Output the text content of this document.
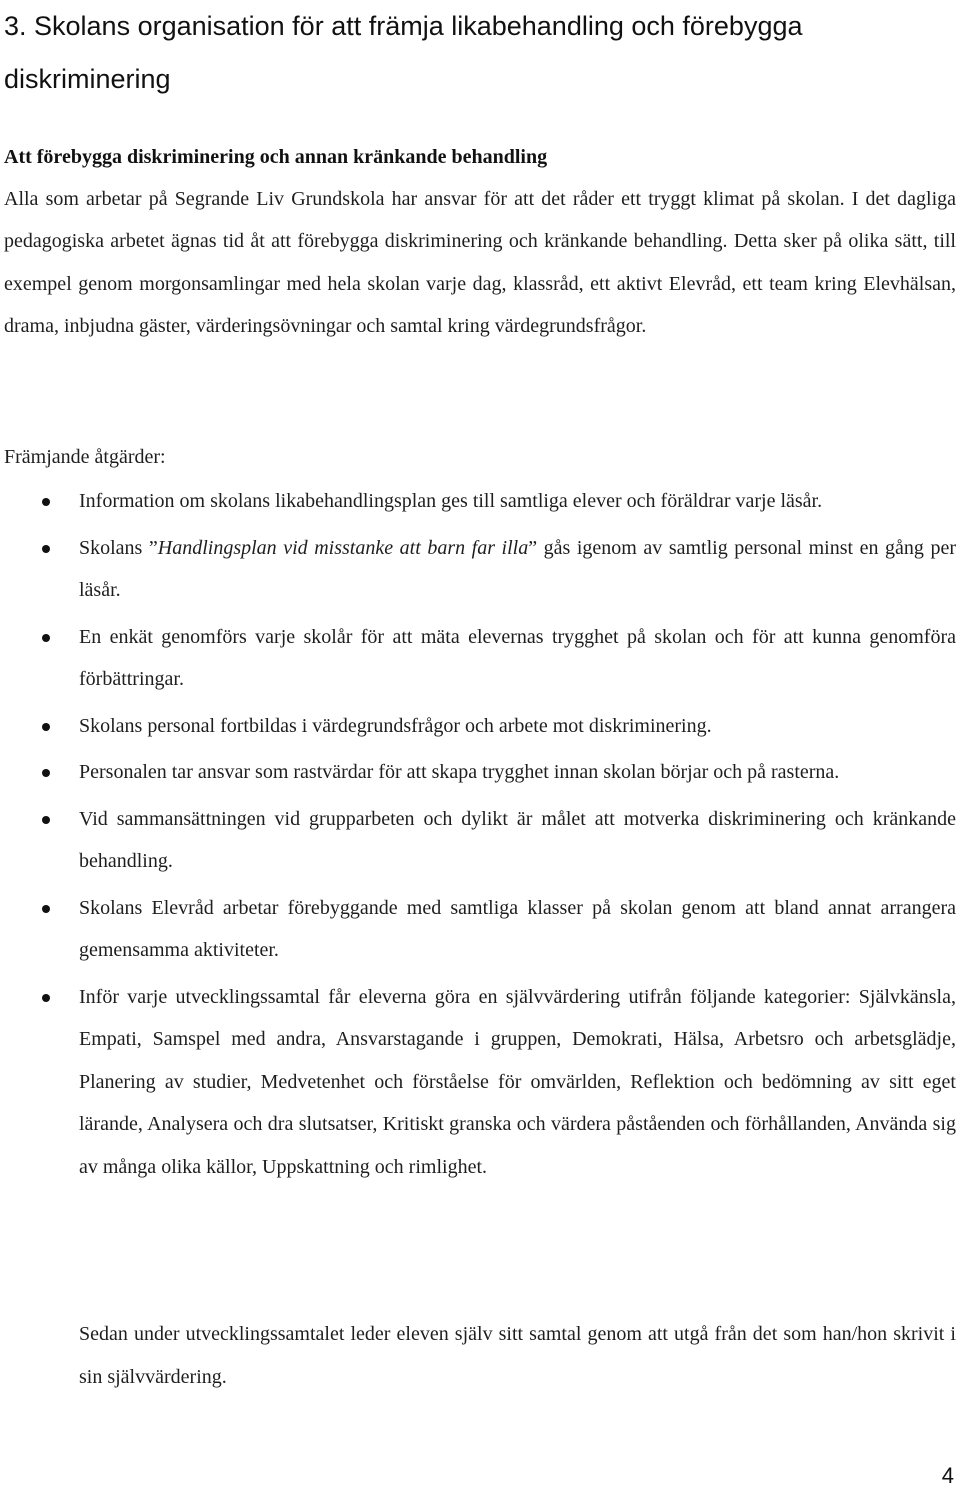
3. Skolans organisation för att främja likabehandling och förebygga diskriminering
Att förebygga diskriminering och annan kränkande behandling

Alla som arbetar på Segrande Liv Grundskola har ansvar för att det råder ett tryggt klimat på skolan. I det dagliga pedagogiska arbetet ägnas tid åt att förebygga diskriminering och kränkande behandling. Detta sker på olika sätt, till exempel genom morgonsamlingar med hela skolan varje dag, klassråd, ett aktivt Elevråd, ett team kring Elevhälsan, drama, inbjudna gäster, värderingsövningar och samtal kring värdegrundsfrågor.

Främjande åtgärder:

Information om skolans likabehandlingsplan ges till samtliga elever och föräldrar varje läsår.
Skolans ”Handlingsplan vid misstanke att barn far illa” gås igenom av samtlig personal minst en gång per läsår.
En enkät genomförs varje skolår för att mäta elevernas trygghet på skolan och för att kunna genomföra förbättringar.
Skolans personal fortbildas i värdegrundsfrågor och arbete mot diskriminering.
Personalen tar ansvar som rastvärdar för att skapa trygghet innan skolan börjar och på rasterna.
Vid sammansättningen vid grupparbeten och dylikt är målet att motverka diskriminering och kränkande behandling.
Skolans Elevråd arbetar förebyggande med samtliga klasser på skolan genom att bland annat arrangera gemensamma aktiviteter.
Inför varje utvecklingssamtal får eleverna göra en självvärdering utifrån följande kategorier: Självkänsla, Empati, Samspel med andra, Ansvarstagande i gruppen, Demokrati, Hälsa, Arbetsro och arbetsglädje, Planering av studier, Medvetenhet och förståelse för omvärlden, Reflektion och bedömning av sitt eget lärande, Analysera och dra slutsatser, Kritiskt granska och värdera påståenden och förhållanden, Använda sig av många olika källor, Uppskattning och rimlighet.

Sedan under utvecklingssamtalet leder eleven själv sitt samtal genom att utgå från det som han/hon skrivit i sin självvärdering.

4
